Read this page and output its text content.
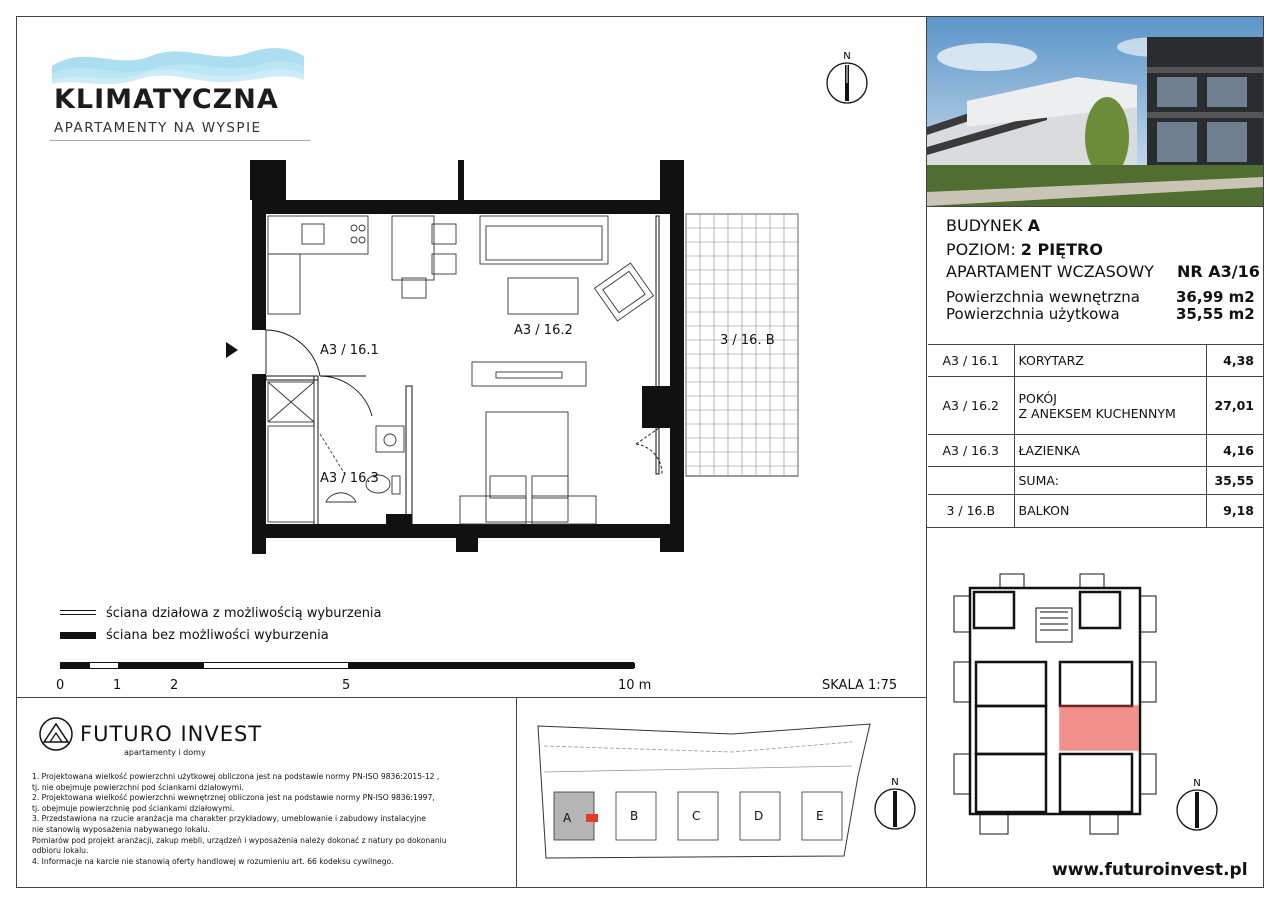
KLIMATYCZNA
APARTAMENTY NA WYSPIE
N
A3 / 16.1
A3 / 16.2
A3 / 16.3
3 / 16. B
ściana działowa z możliwością wyburzenia
ściana bez możliwości wyburzenia
0	1	2	5	10 m	SKALA 1:75
BUDYNEK A
POZIOM: 2 PIĘTRO
APARTAMENT WCZASOWY NR A3/16
Powierzchnia wewnętrzna 36,99 m2
Powierzchnia użytkowa	35,55 m2
A3 / 16.1	KORYTARZ	4,38
A3 / 16.2	POKÓJ
Z ANEKSEM KUCHENNYM	27,01
A3 / 16.3	ŁAZIENKA	4,16
	SUMA:	35,55
3 / 16.B	BALKON	9,18
N
FUTURO INVEST
apartamenty i domy

1. Projektowana wielkość powierzchni użytkowej obliczona jest na podstawie normy PN-ISO 9836:2015-12 ,

tj. nie obejmuje powierzchni pod ściankami działowymi.

2. Projektowana wielkość powierzchni wewnętrznej obliczona jest na podstawie normy PN-ISO 9836:1997,

tj. obejmuje powierzchnię pod ściankami działowymi.

3. Przedstawiona na rzucie aranżacja ma charakter przykładowy, umeblowanie i zabudowy instalacyjne

nie stanowią wyposażenia nabywanego lokalu.

Pomiarów pod projekt aranżacji, zakup mebli, urządzeń i wyposażenia należy dokonać z natury po dokonaniu

odbioru lokalu.

4. Informacje na karcie nie stanowią oferty handlowej w rozumieniu art. 66 kodeksu cywilnego.

A	B	C	D	E
N
www.futuroinvest.pl
